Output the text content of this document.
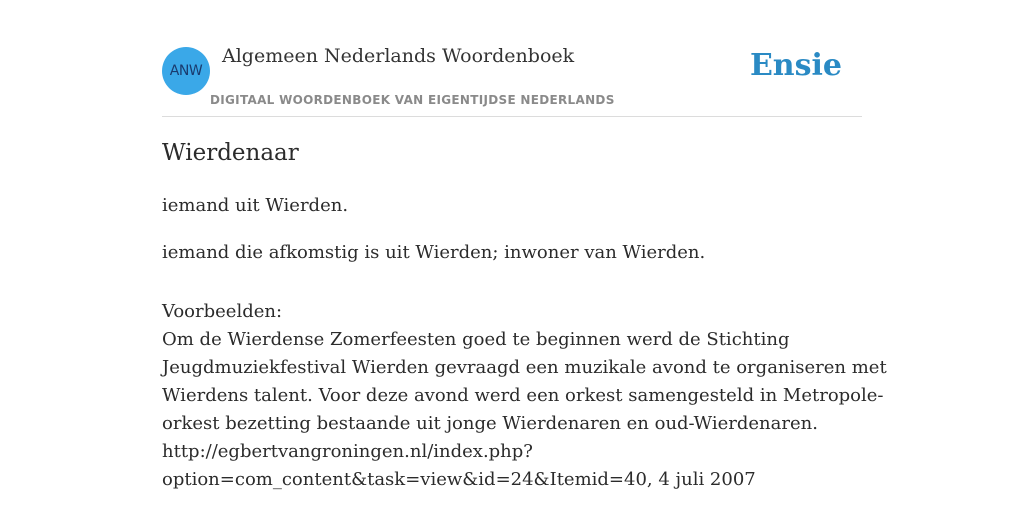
ANW
Algemeen Nederlands Woordenboek
DIGITAAL WOORDENBOEK VAN EIGENTIJDSE NEDERLANDS
Ensie
Wierdenaar
iemand uit Wierden.
iemand die afkomstig is uit Wierden; inwoner van Wierden.
Voorbeelden:
Om de Wierdense Zomerfeesten goed te beginnen werd de Stichting
Jeugdmuziekfestival Wierden gevraagd een muzikale avond te organiseren met
Wierdens talent. Voor deze avond werd een orkest samengesteld in Metropole-
orkest bezetting bestaande uit jonge Wierdenaren en oud-Wierdenaren.
http://egbertvangroningen.nl/index.php?
option=com_content&task=view&id=24&Itemid=40, 4 juli 2007
